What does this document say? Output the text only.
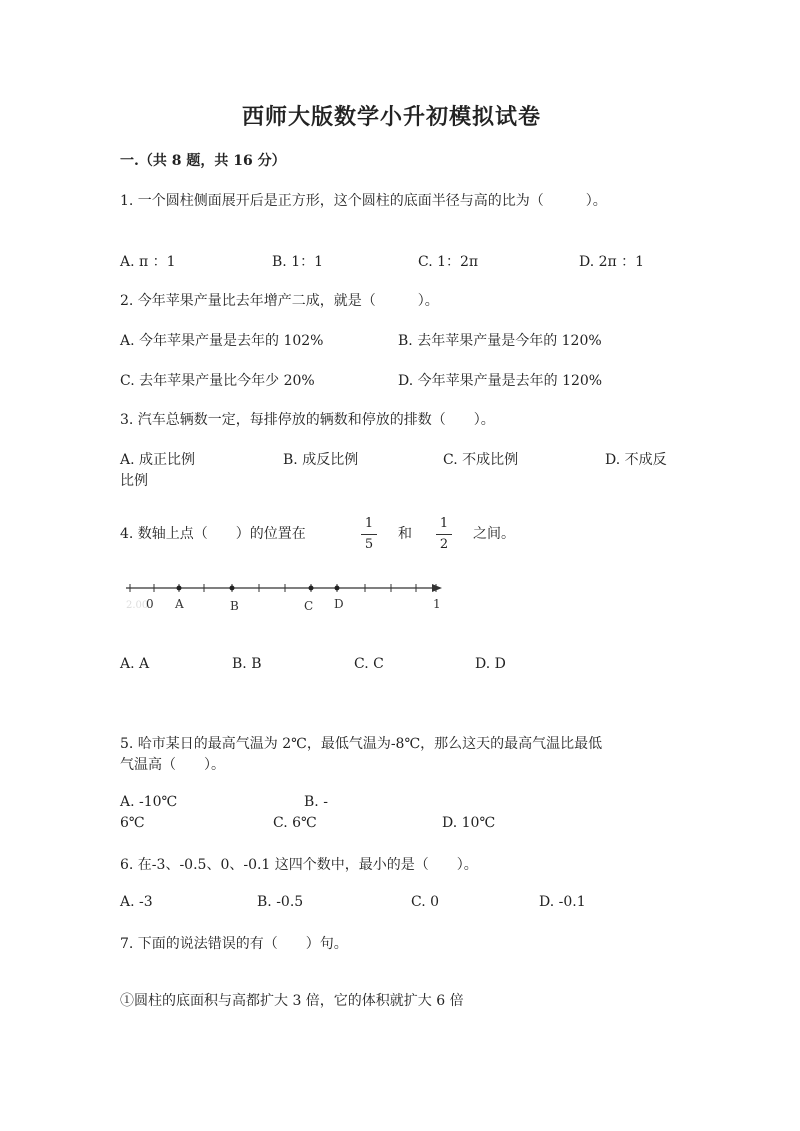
西师大版数学小升初模拟试卷
一.（共 8 题，共 16 分）
1. 一个圆柱侧面展开后是正方形，这个圆柱的底面半径与高的比为（　　　）。
A. π ：1	B. 1：1	C. 1：2π	D. 2π ：1
2. 今年苹果产量比去年增产二成，就是（　　　）。
A. 今年苹果产量是去年的 102%	B. 去年苹果产量是今年的 120%
C. 去年苹果产量比今年少 20%	D. 今年苹果产量是去年的 120%
3. 汽车总辆数一定，每排停放的辆数和停放的排数（　　）。
A. 成正比例	B. 成反比例	C. 不成比例	D. 不成反
比例
4. 数轴上点（　　）的位置在
1
5
和
1
2
之间。
2.00
0 A	B	C D	1
A. A	B. B	C. C	D. D
5. 哈市某日的最高气温为 2℃，最低气温为-8℃，那么这天的最高气温比最低
气温高（　　）。
A. -10℃	B. -
6℃	C. 6℃	D. 10℃
6. 在-3、-0.5、0、-0.1 这四个数中，最小的是（　　）。
A. -3	B. -0.5	C. 0	D. -0.1
7. 下面的说法错误的有（　　）句。
①圆柱的底面积与高都扩大 3 倍，它的体积就扩大 6 倍
